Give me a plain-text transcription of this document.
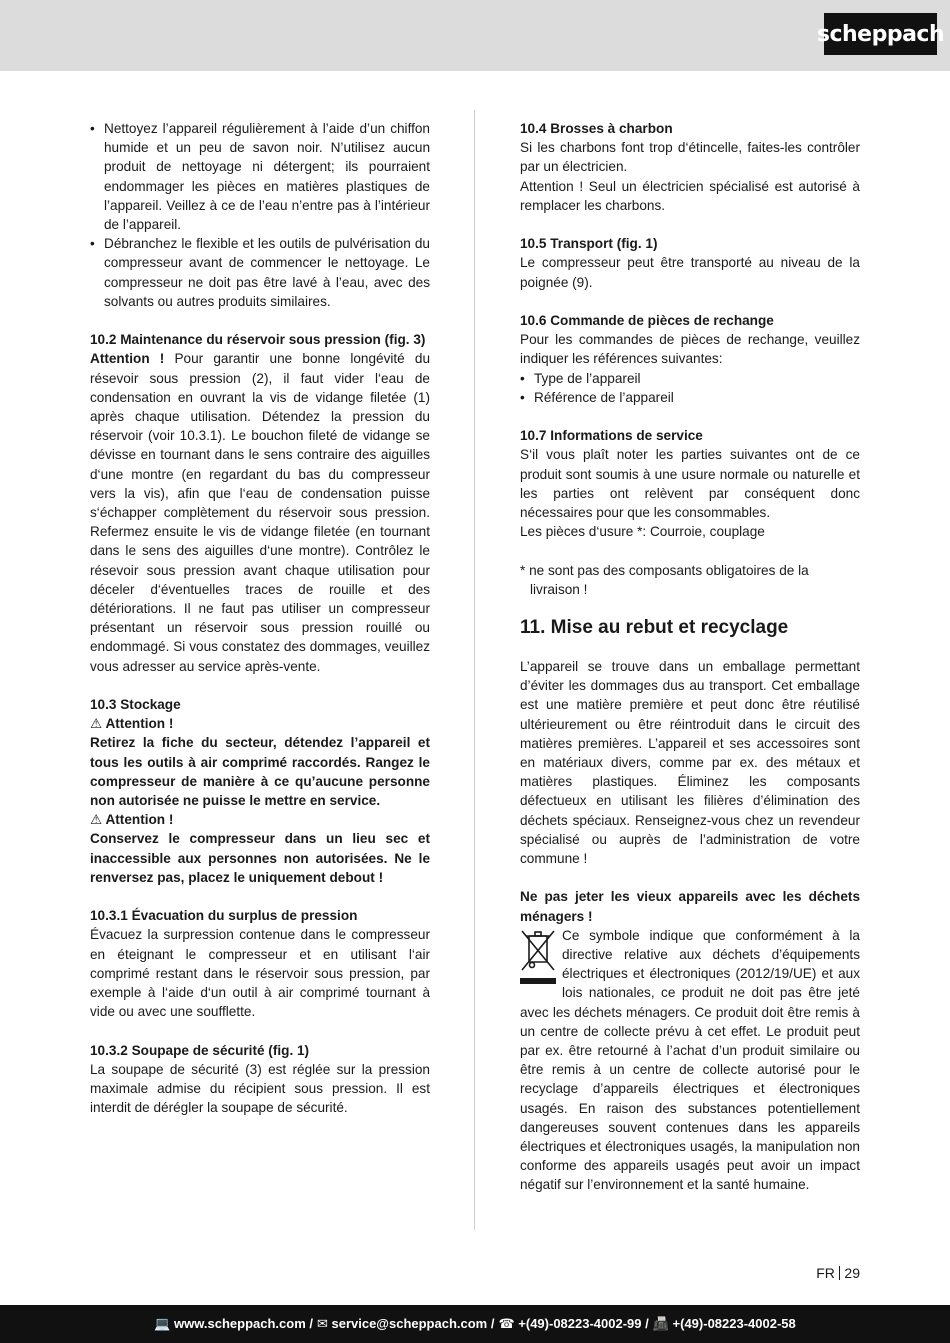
scheppach
• Nettoyez l’appareil régulièrement à l’aide d’un chiffon humide et un peu de savon noir. N’utilisez aucun produit de nettoyage ni détergent; ils pourraient endommager les pièces en matières plastiques de l’appareil. Veillez à ce de l’eau n’entre pas à l’intérieur de l’appareil.
• Débranchez le flexible et les outils de pulvérisation du compresseur avant de commencer le nettoyage. Le compresseur ne doit pas être lavé à l’eau, avec des solvants ou autres produits similaires.

10.2 Maintenance du réservoir sous pression (fig. 3)

Attention ! Pour garantir une bonne longévité du résevoir sous pression (2), il faut vider l‘eau de condensation en ouvrant la vis de vidange filetée (1) après chaque utilisation. Détendez la pression du réservoir (voir 10.3.1). Le bouchon fileté de vidange se dévisse en tournant dans le sens contraire des aiguilles d‘une montre (en regardant du bas du compresseur vers la vis), afin que l‘eau de condensation puisse s‘échapper complètement du réservoir sous pression. Refermez ensuite le vis de vidange filetée (en tournant dans le sens des aiguilles d‘une montre). Contrôlez le résevoir sous pression avant chaque utilisation pour déceler d‘éventuelles traces de rouille et des détériorations. Il ne faut pas utiliser un compresseur présentant un réservoir sous pression rouillé ou endommagé. Si vous constatez des dommages, veuillez vous adresser au service après-vente.

10.3 Stockage

⚠ Attention !

Retirez la fiche du secteur, détendez l’appareil et tous les outils à air comprimé raccordés. Rangez le compresseur de manière à ce qu’aucune personne non autorisée ne puisse le mettre en service.

⚠ Attention !

Conservez le compresseur dans un lieu sec et inaccessible aux personnes non autorisées. Ne le renversez pas, placez le uniquement debout !

10.3.1 Évacuation du surplus de pression

Évacuez la surpression contenue dans le compresseur en éteignant le compresseur et en utilisant l‘air comprimé restant dans le réservoir sous pression, par exemple à l‘aide d‘un outil à air comprimé tournant à vide ou avec une soufflette.

10.3.2 Soupape de sécurité (fig. 1)

La soupape de sécurité (3) est réglée sur la pression maximale admise du récipient sous pression. Il est interdit de dérégler la soupape de sécurité.

10.4 Brosses à charbon

Si les charbons font trop d‘étincelle, faites-les contrôler par un électricien.

Attention ! Seul un électricien spécialisé est autorisé à remplacer les charbons.

10.5 Transport (fig. 1)

Le compresseur peut être transporté au niveau de la poignée (9).

10.6 Commande de pièces de rechange

Pour les commandes de pièces de rechange, veuillez indiquer les références suivantes:

• Type de l’appareil
• Référence de l’appareil

10.7 Informations de service

S‘il vous plaît noter les parties suivantes ont de ce produit sont soumis à une usure normale ou naturelle et les parties ont relèvent par conséquent donc nécessaires pour que les consommables.

Les pièces d‘usure *: Courroie, couplage

* ne sont pas des composants obligatoires de la livraison !

11. Mise au rebut et recyclage

L’appareil se trouve dans un emballage permettant d’éviter les dommages dus au transport. Cet emballage est une matière première et peut donc être réutilisé ultérieurement ou être réintroduit dans le circuit des matières premières. L’appareil et ses accessoires sont en matériaux divers, comme par ex. des métaux et matières plastiques. Éliminez les composants défectueux en utilisant les filières d’élimination des déchets spéciaux. Renseignez-vous chez un revendeur spécialisé ou auprès de l’administration de votre commune !

Ne pas jeter les vieux appareils avec les déchets ménagers !

Ce symbole indique que conformément à la directive relative aux déchets d’équipements électriques et électroniques (2012/19/UE) et aux lois nationales, ce produit ne doit pas être jeté avec les déchets ménagers. Ce produit doit être remis à un centre de collecte prévu à cet effet. Le produit peut par ex. être retourné à l’achat d’un produit similaire ou être remis à un centre de collecte autorisé pour le recyclage d’appareils électriques et électroniques usagés. En raison des substances potentiellement dangereuses souvent contenues dans les appareils électriques et électroniques usagés, la manipulation non conforme des appareils usagés peut avoir un impact négatif sur l’environnement et la santé humaine.

FR 29
💻 www.scheppach.com / ✉ service@scheppach.com / ☎ +(49)-08223-4002-99 / 📠 +(49)-08223-4002-58
